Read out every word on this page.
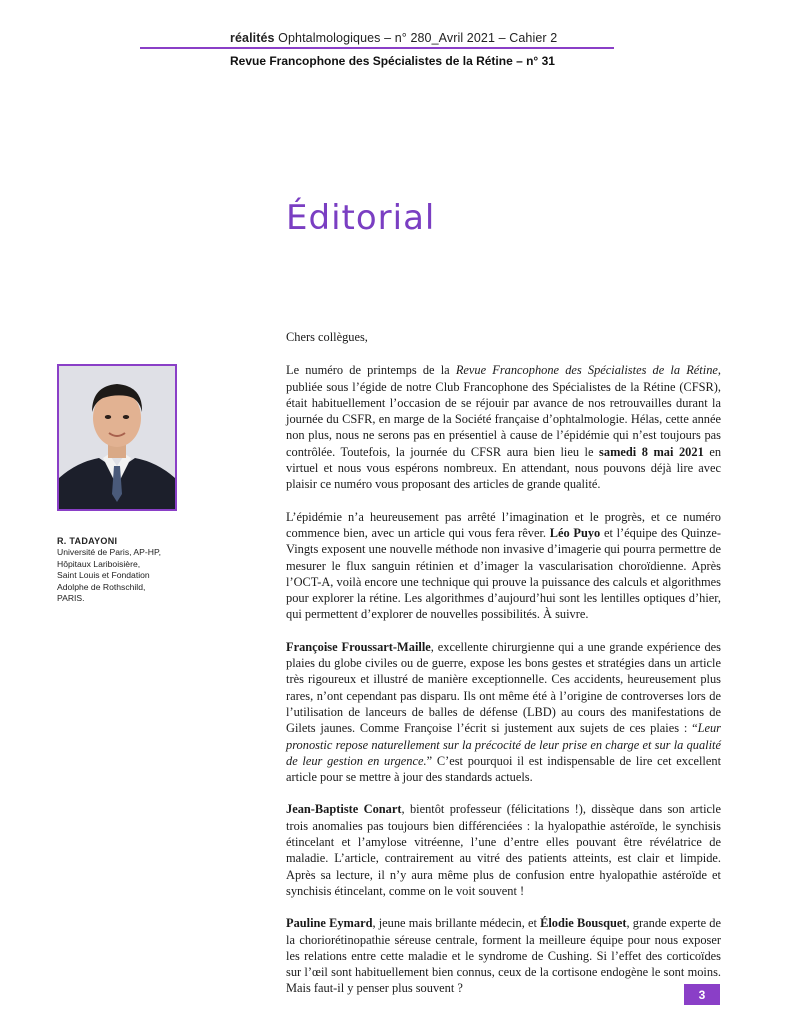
réalités Ophtalmologiques – n° 280_Avril 2021 – Cahier 2
Revue Francophone des Spécialistes de la Rétine – n° 31
Éditorial
R. TADAYONI
Université de Paris, AP-HP,
Hôpitaux Lariboisière,
Saint Louis et Fondation
Adolphe de Rothschild,
PARIS.

Chers collègues,

Le numéro de printemps de la Revue Francophone des Spécialistes de la Rétine, publiée sous l’égide de notre Club Francophone des Spécialistes de la Rétine (CFSR), était habituellement l’occasion de se réjouir par avance de nos retrouvailles durant la journée du CSFR, en marge de la Société française d’ophtalmologie. Hélas, cette année non plus, nous ne serons pas en présentiel à cause de l’épidémie qui n’est toujours pas contrôlée. Toutefois, la journée du CFSR aura bien lieu le samedi 8 mai 2021 en virtuel et nous vous espérons nombreux. En attendant, nous pouvons déjà lire avec plaisir ce numéro vous proposant des articles de grande qualité.

L’épidémie n’a heureusement pas arrêté l’imagination et le progrès, et ce numéro commence bien, avec un article qui vous fera rêver. Léo Puyo et l’équipe des Quinze-Vingts exposent une nouvelle méthode non invasive d’imagerie qui pourra permettre de mesurer le flux sanguin rétinien et d’imager la vascularisation choroïdienne. Après l’OCT-A, voilà encore une technique qui prouve la puissance des calculs et algorithmes pour explorer la rétine. Les algorithmes d’aujourd’hui sont les lentilles optiques d’hier, qui permettent d’explorer de nouvelles possibilités. À suivre.

Françoise Froussart-Maille, excellente chirurgienne qui a une grande expérience des plaies du globe civiles ou de guerre, expose les bons gestes et stratégies dans un article très rigoureux et illustré de manière exceptionnelle. Ces accidents, heureusement plus rares, n’ont cependant pas disparu. Ils ont même été à l’origine de controverses lors de l’utilisation de lanceurs de balles de défense (LBD) au cours des manifestations de Gilets jaunes. Comme Françoise l’écrit si justement aux sujets de ces plaies : “Leur pronostic repose naturellement sur la précocité de leur prise en charge et sur la qualité de leur gestion en urgence.” C’est pourquoi il est indispensable de lire cet excellent article pour se mettre à jour des standards actuels.

Jean-Baptiste Conart, bientôt professeur (félicitations !), dissèque dans son article trois anomalies pas toujours bien différenciées : la hyalopathie astéroïde, le synchisis étincelant et l’amylose vitréenne, l’une d’entre elles pouvant être révélatrice de maladie. L’article, contrairement au vitré des patients atteints, est clair et limpide. Après sa lecture, il n’y aura même plus de confusion entre hyalopathie astéroïde et synchisis étincelant, comme on le voit souvent !

Pauline Eymard, jeune mais brillante médecin, et Élodie Bousquet, grande experte de la choriorétinopathie séreuse centrale, forment la meilleure équipe pour nous exposer les relations entre cette maladie et le syndrome de Cushing. Si l’effet des corticoïdes sur l’œil sont habituellement bien connus, ceux de la cortisone endogène le sont moins. Mais faut-il y penser plus souvent ?	3
